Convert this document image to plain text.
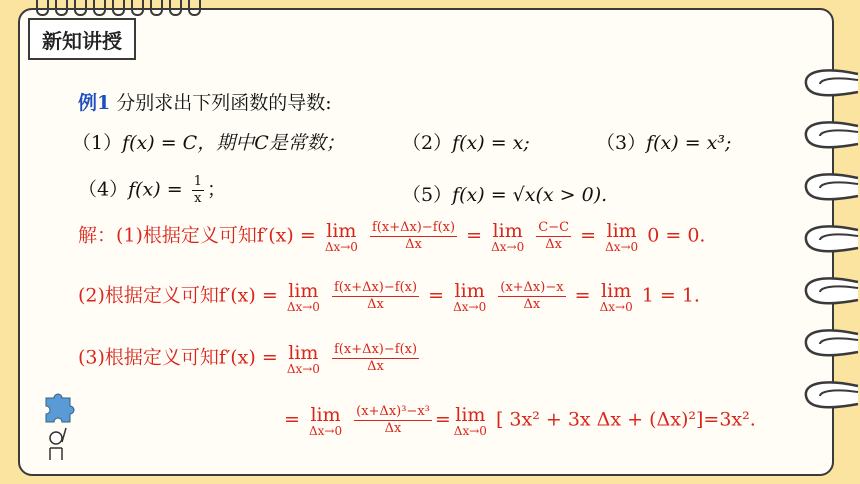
新知讲授
例1 分别求出下列函数的导数:
（1）f(x) = C，期中C是常数；	（2）f(x) = x;	（3）f(x) = x³;
$(4)f(x) = \frac{1}{x}$ ；	（5）f(x) = √x(x > 0).
解：(1)根据定义可知f′(x) = lim
Δx→0
$\frac{f(x+\Delta x)-f(x)}{\Delta x} = \lim$
Δx→0
$\frac{C-C}{\Delta x} = \lim$
Δx→0 0 = 0.
(2)根据定义可知f′(x) = lim
Δx→0
$\frac{f(x+\Delta x)-f(x)}{\Delta x} = \lim$
Δx→0
$\frac{(x+\Delta x)-x}{\Delta x} = \lim$
Δx→0 1 = 1.
(3)根据定义可知f′(x) = lim
Δx→0
$\frac{f(x+\Delta x)-f(x)}{\Delta x}$
= lim
Δx→0
$\frac{\text{(x+Δx)³−x³}}{\Delta x} = \lim$
Δx→0 [ 3x² + 3x Δx + (Δx)²]=3x².
